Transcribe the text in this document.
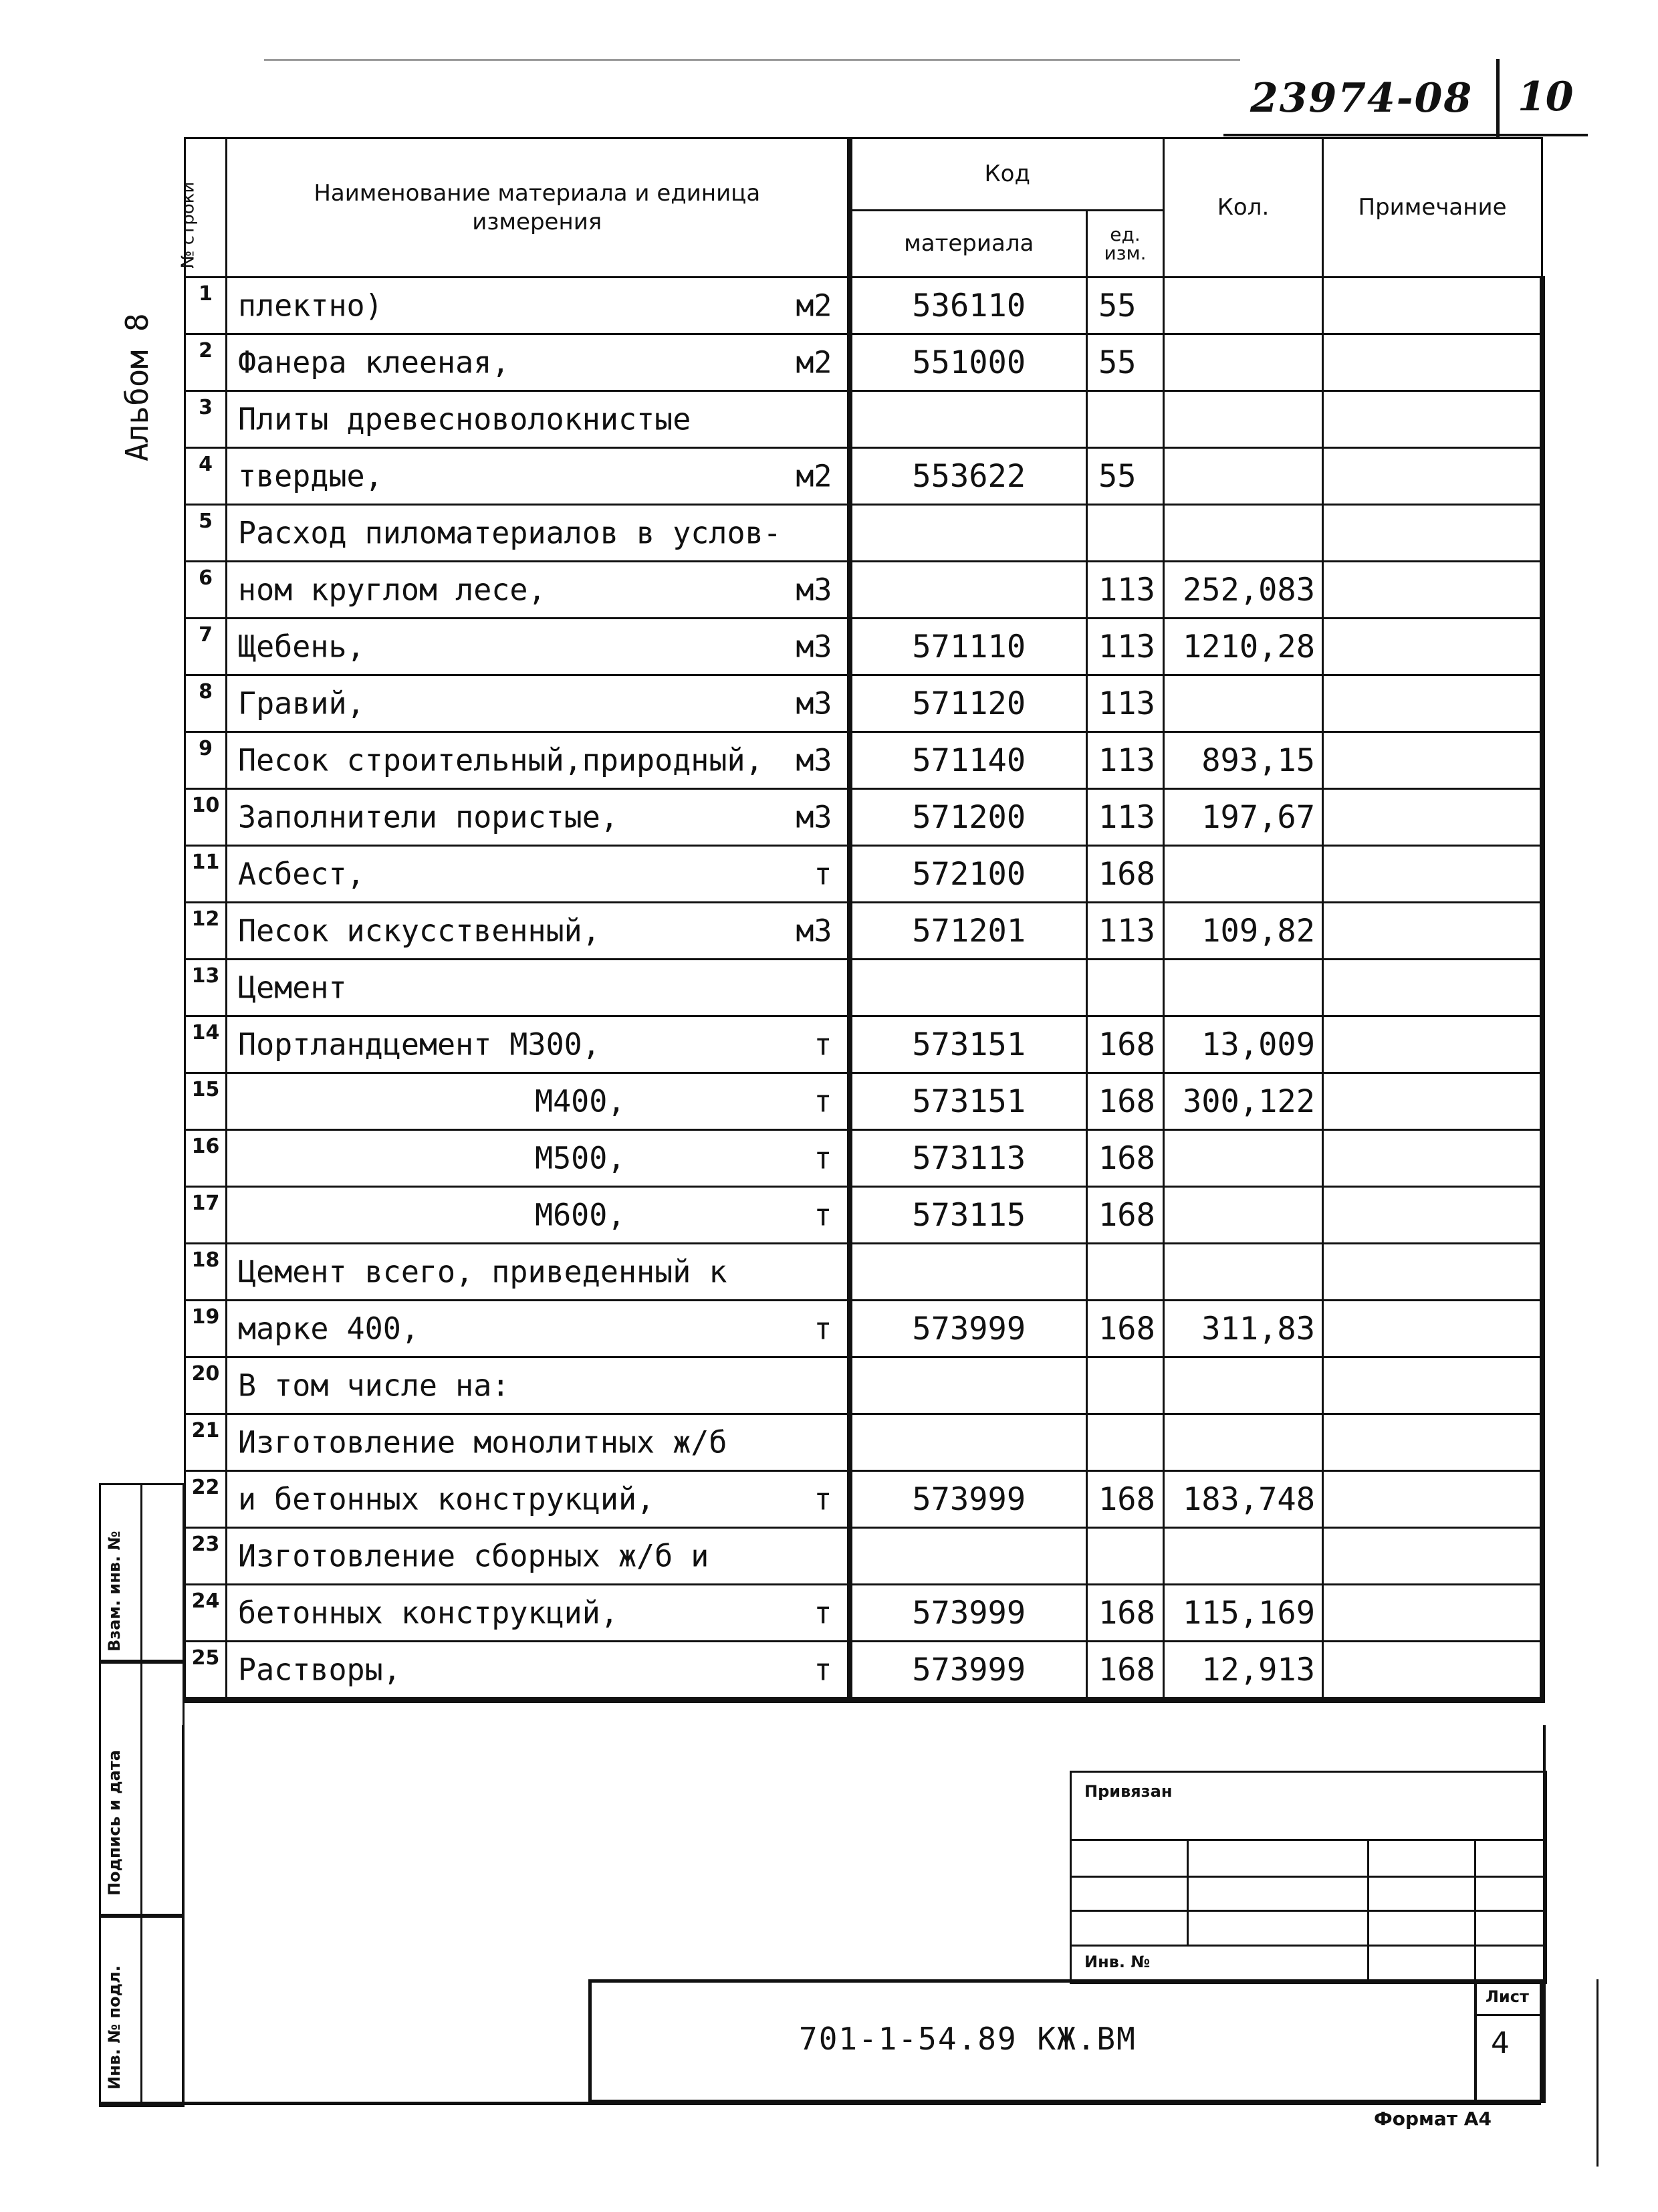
23974-08 10
Альбом 8
№ строки	Наименование материала и единица измерения	Код		Кол.	Примечание
		материала	ед. изм.		
1	плектно) м2	536110	55		
2	Фанера клееная, м2	551000	55		
3	Плиты древесноволокнистые				

4	твердые, м2	553622	55		
5	Расход пиломатериалов в услов-				

6	ном круглом лесе, м3		113	252,083	
7	Щебень, м3	571110	113	1210,28	
8	Гравий, м3	571120	113		
9	Песок строительный,природный, м3	571140	113	893,15	
10	Заполнители пористые, м3	571200	113	197,67	
11	Асбест, т	572100	168		
12	Песок искусственный, м3	571201	113	109,82	
13	Цемент				

14	Портландцемент М300, т	573151	168	13,009	
15	М400, т	573151	168	300,122	
16	М500, т	573113	168		
17	М600, т	573115	168		
18	Цемент всего, приведенный к				

19	марке 400, т	573999	168	311,83	
20	В том числе на:				

21	Изготовление монолитных ж/б				

22	и бетонных конструкций, т	573999	168	183,748	
23	Изготовление сборных ж/б и				

24	бетонных конструкций, т	573999	168	115,169	
25	Растворы, т	573999	168	12,913	
Взам. инв. №
Подпись и дата
Инв. № подл.
Привязан
Инв. №
701-1-54.89 КЖ.ВМ
Лист
4
Формат А4
